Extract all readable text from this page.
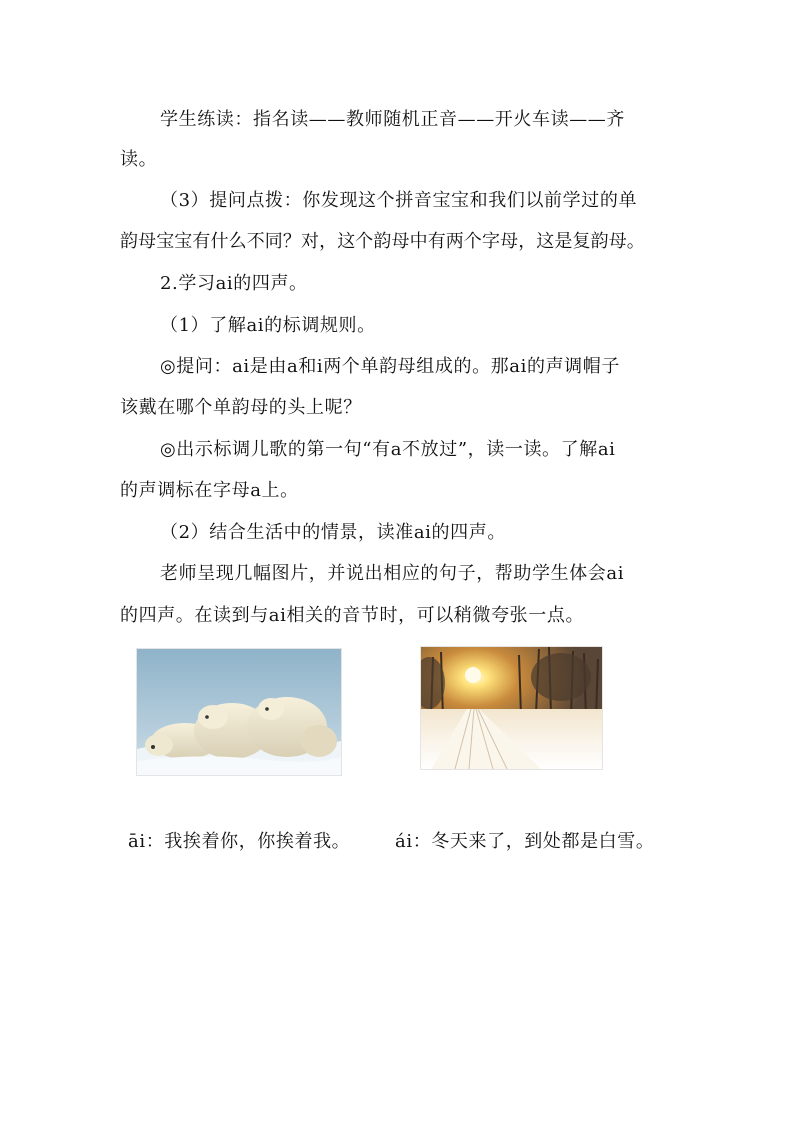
学生练读：指名读——教师随机正音——开火车读——齐
读。
（3）提问点拨：你发现这个拼音宝宝和我们以前学过的单
韵母宝宝有什么不同？对，这个韵母中有两个字母，这是复韵母。
2.学习ai的四声。
（1）了解ai的标调规则。
◎提问：ai是由a和i两个单韵母组成的。那ai的声调帽子
该戴在哪个单韵母的头上呢？
◎出示标调儿歌的第一句“有a不放过”，读一读。了解ai
的声调标在字母a上。
（2）结合生活中的情景，读准ai的四声。
老师呈现几幅图片，并说出相应的句子，帮助学生体会ai
的四声。在读到与ai相关的音节时，可以稍微夸张一点。
āi：我挨着你，你挨着我。 ái：冬天来了，到处都是白雪。
